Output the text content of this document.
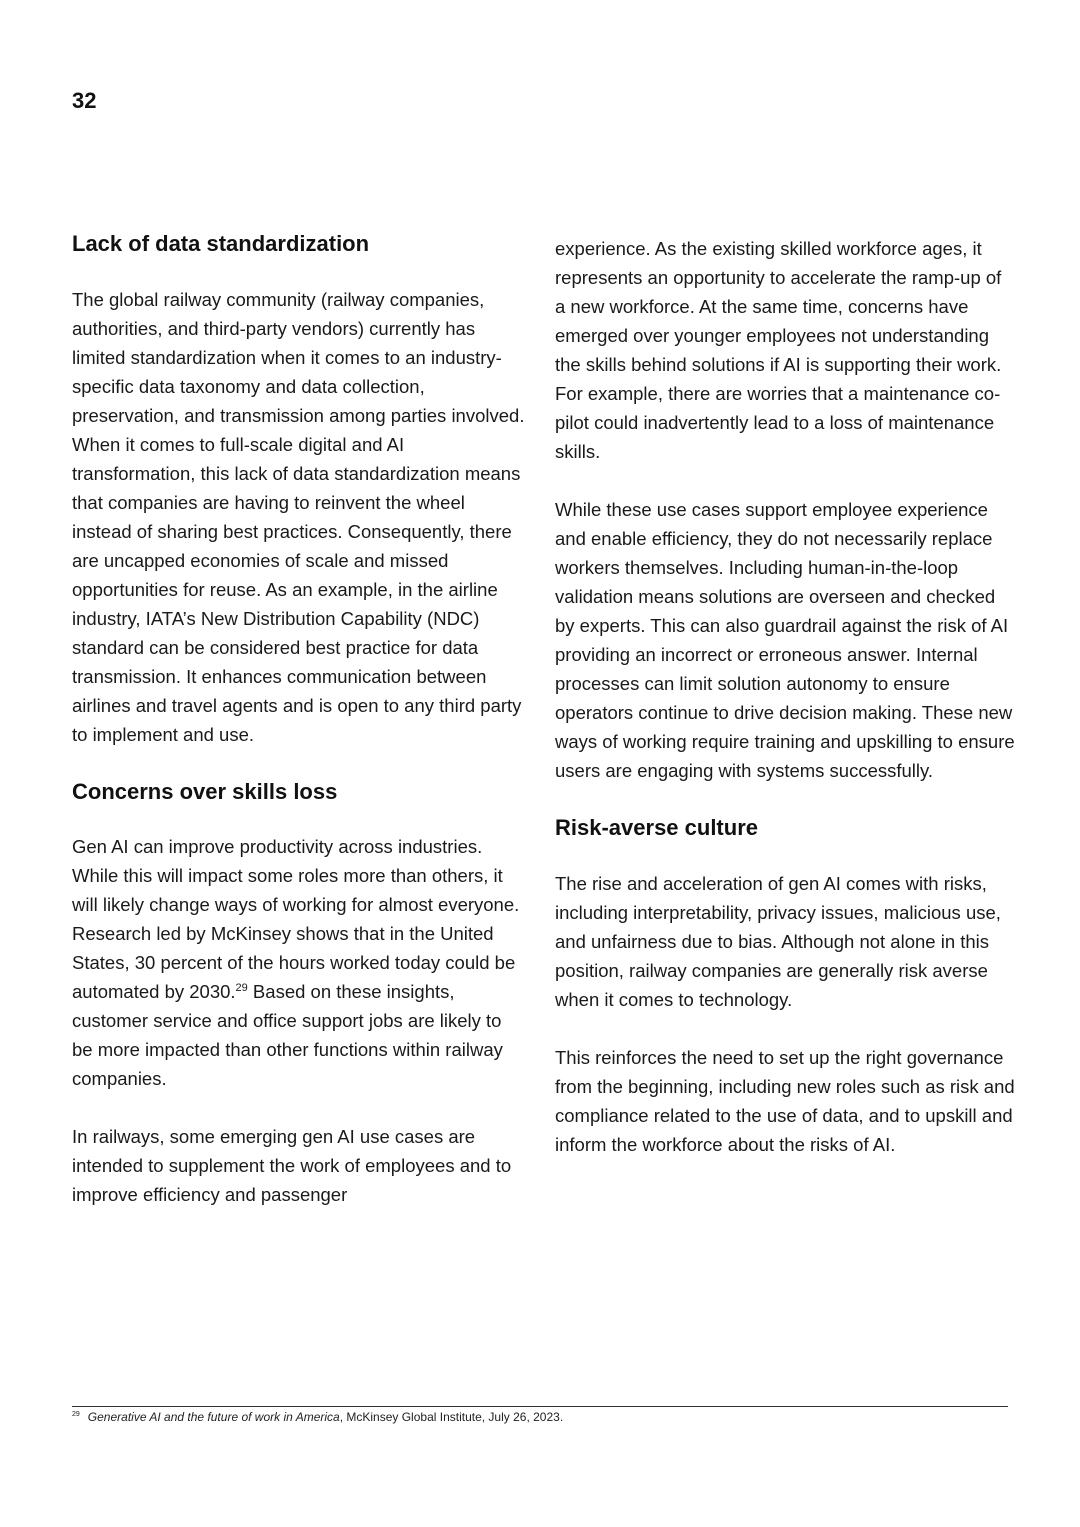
32
Lack of data standardization

The global railway community (railway companies, authorities, and third-party vendors) currently has limited standardization when it comes to an industry-specific data taxonomy and data collection, preservation, and transmission among parties involved. When it comes to full-scale digital and AI transformation, this lack of data standardization means that companies are having to reinvent the wheel instead of sharing best practices. Consequently, there are uncapped economies of scale and missed opportunities for reuse. As an example, in the airline industry, IATA’s New Distribution Capability (NDC) standard can be considered best practice for data transmission. It enhances communication between airlines and travel agents and is open to any third party to implement and use.

Concerns over skills loss

Gen AI can improve productivity across industries. While this will impact some roles more than others, it will likely change ways of working for almost everyone. Research led by McKinsey shows that in the United States, 30 percent of the hours worked today could be automated by 2030.29 Based on these insights, customer service and office support jobs are likely to be more impacted than other functions within railway companies.

In railways, some emerging gen AI use cases are intended to supplement the work of employees and to improve efficiency and passenger

experience. As the existing skilled workforce ages, it represents an opportunity to accelerate the ramp-up of a new workforce. At the same time, concerns have emerged over younger employees not understanding the skills behind solutions if AI is supporting their work. For example, there are worries that a maintenance co-pilot could inadvertently lead to a loss of maintenance skills.

While these use cases support employee experience and enable efficiency, they do not necessarily replace workers themselves. Including human-in-the-loop validation means solutions are overseen and checked by experts. This can also guardrail against the risk of AI providing an incorrect or erroneous answer. Internal processes can limit solution autonomy to ensure operators continue to drive decision making. These new ways of working require training and upskilling to ensure users are engaging with systems successfully.

Risk-averse culture

The rise and acceleration of gen AI comes with risks, including interpretability, privacy issues, malicious use, and unfairness due to bias. Although not alone in this position, railway companies are generally risk averse when it comes to technology.

This reinforces the need to set up the right governance from the beginning, including new roles such as risk and compliance related to the use of data, and to upskill and inform the workforce about the risks of AI.

$^{29}$ Generative AI and the future of work in America, McKinsey Global Institute, July 26, 2023.
